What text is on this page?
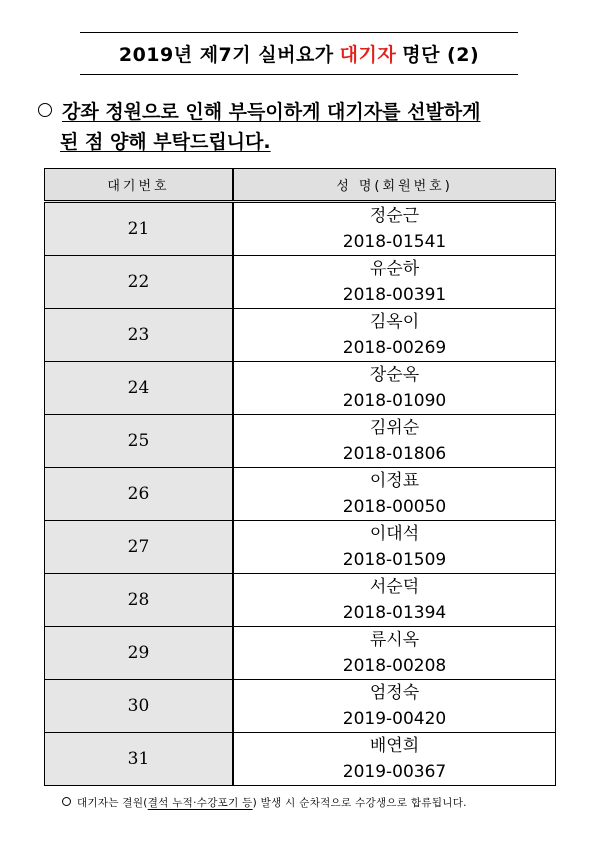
2019년 제7기 실버요가 대기자 명단 (2)
강좌 정원으로 인해 부득이하게 대기자를 선발하게
된 점 양해 부탁드립니다.
대기번호	성 명(회원번호)
21	정순근
2018-01541

22	유순하
2018-00391

23	김옥이
2018-00269

24	장순옥
2018-01090

25	김위순
2018-01806

26	이정표
2018-00050

27	이대석
2018-01509

28	서순덕
2018-01394

29	류시옥
2018-00208

30	엄정숙
2019-00420

31	배연희
2019-00367
대기자는 결원(결석 누적·수강포기 등) 발생 시 순차적으로 수강생으로 합류됩니다.
